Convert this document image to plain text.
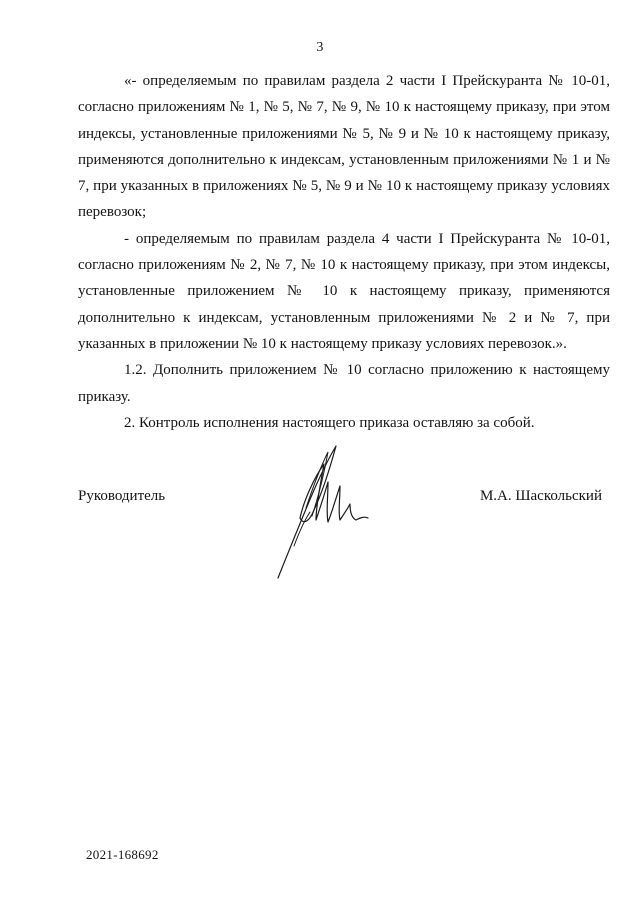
3

«- определяемым по правилам раздела 2 части I Прейскуранта № 10-01, согласно приложениям № 1, № 5, № 7, № 9, № 10 к настоящему приказу, при этом индексы, установленные приложениями № 5, № 9 и № 10 к настоящему приказу, применяются дополнительно к индексам, установленным приложениями № 1 и № 7, при указанных в приложениях № 5, № 9 и № 10 к настоящему приказу условиях перевозок;

- определяемым по правилам раздела 4 части I Прейскуранта № 10-01, согласно приложениям № 2, № 7, № 10 к настоящему приказу, при этом индексы, установленные приложением № 10 к настоящему приказу, применяются дополнительно к индексам, установленным приложениями № 2 и № 7, при указанных в приложении № 10 к настоящему приказу условиях перевозок.».

1.2. Дополнить приложением № 10 согласно приложению к настоящему приказу.

2. Контроль исполнения настоящего приказа оставляю за собой.

Руководитель	М.А. Шаскольский
2021-168692
